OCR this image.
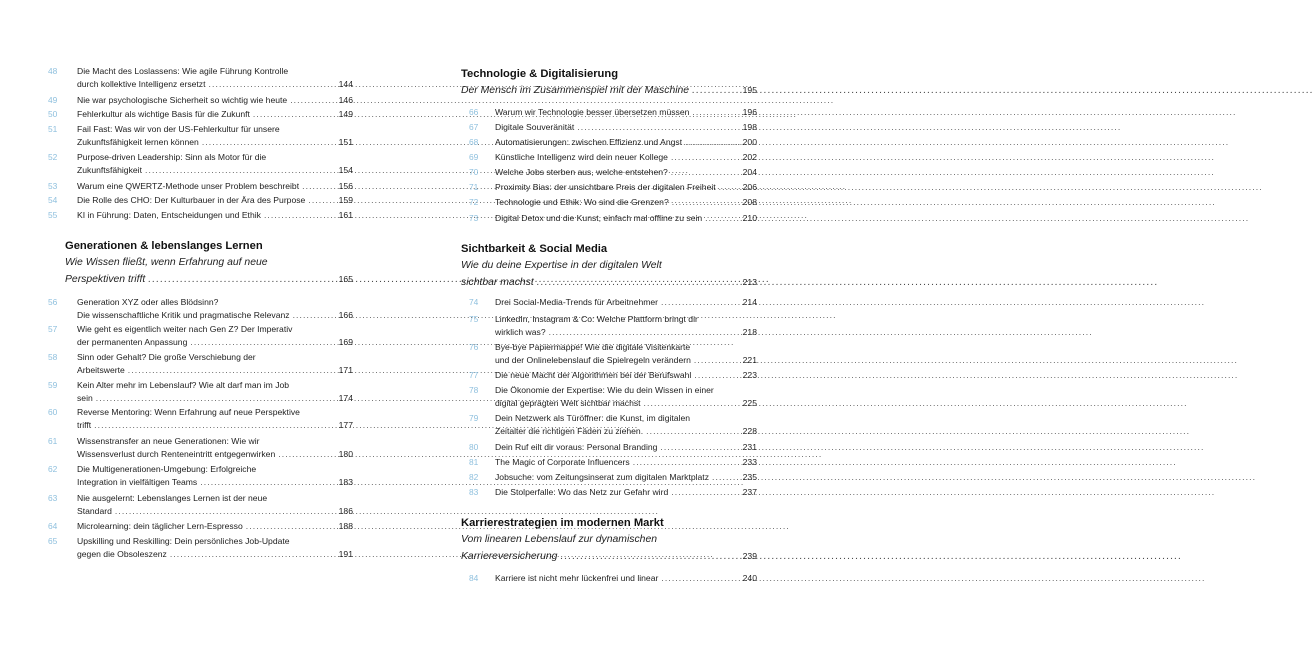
48	Die Macht des Loslassens: Wie agile Führung Kontrolle
durch kollektive Intelligenz ersetzt .....	144
49	Nie war psychologische Sicherheit so wichtig wie heute .....	146
50	Fehlerkultur als wichtige Basis für die Zukunft .....	149
51	Fail Fast: Was wir von der US-Fehlerkultur für unsere
Zukunftsfähigkeit lernen können .....	151
52	Purpose-driven Leadership: Sinn als Motor für die
Zukunftsfähigkeit .....	154
53	Warum eine QWERTZ-Methode unser Problem beschreibt .....	156
54	Die Rolle des CHO: Der Kulturbauer in der Ära des Purpose .....	159
55	KI in Führung: Daten, Entscheidungen und Ethik .....	161
Generationen & lebenslanges Lernen
Wie Wissen fließt, wenn Erfahrung auf neue
Perspektiven trifft .....	165
56	Generation XYZ oder alles Blödsinn?
Die wissenschaftliche Kritik und pragmatische Relevanz .....	166
57	Wie geht es eigentlich weiter nach Gen Z? Der Imperativ
der permanenten Anpassung .....	169
58	Sinn oder Gehalt? Die große Verschiebung der
Arbeitswerte .....	171
59	Kein Alter mehr im Lebenslauf? Wie alt darf man im Job
sein .....	174
60	Reverse Mentoring: Wenn Erfahrung auf neue Perspektive
trifft .....	177
61	Wissenstransfer an neue Generationen: Wie wir
Wissensverlust durch Renteneintritt entgegenwirken .....	180
62	Die Multigenerationen-Umgebung: Erfolgreiche
Integration in vielfältigen Teams .....	183
63	Nie ausgelernt: Lebenslanges Lernen ist der neue
Standard .....	186
64	Microlearning: dein täglicher Lern-Espresso .....	188
65	Upskilling und Reskilling: Dein persönliches Job-Update
gegen die Obsoleszenz .....	191
Technologie & Digitalisierung
Der Mensch im Zusammenspiel mit der Maschine .....	195
66	Warum wir Technologie besser übersetzen müssen .....	196
67	Digitale Souveränität .....	198
68	Automatisierungen: zwischen Effizienz und Angst .....	200
69	Künstliche Intelligenz wird dein neuer Kollege .....	202
70	Welche Jobs sterben aus, welche entstehen? .....	204
71	Proximity Bias: der unsichtbare Preis der digitalen Freiheit .....	206
72	Technologie und Ethik: Wo sind die Grenzen? .....	208
73	Digital Detox und die Kunst, einfach mal offline zu sein .....	210
Sichtbarkeit & Social Media
Wie du deine Expertise in der digitalen Welt
sichtbar machst .....	213
74	Drei Social-Media-Trends für Arbeitnehmer .....	214
75	LinkedIn, Instagram & Co: Welche Plattform bringt dir
wirklich was? .....	218
76	Bye-bye Papiermappe! Wie die digitale Visitenkarte
und der Onlinelebenslauf die Spielregeln verändern .....	221
77	Die neue Macht der Algorithmen bei der Berufswahl .....	223
78	Die Ökonomie der Expertise: Wie du dein Wissen in einer
digital geprägten Welt sichtbar machst .....	225
79	Dein Netzwerk als Türöffner: die Kunst, im digitalen
Zeitalter die richtigen Fäden zu ziehen. .....	228
80	Dein Ruf eilt dir voraus: Personal Branding .....	231
81	The Magic of Corporate Influencers .....	233
82	Jobsuche: vom Zeitungsinserat zum digitalen Marktplatz .....	235
83	Die Stolperfalle: Wo das Netz zur Gefahr wird .....	237
Karrierestrategien im modernen Markt
Vom linearen Lebenslauf zur dynamischen
Karriereversicherung .....	239
84	Karriere ist nicht mehr lückenfrei und linear .....	240
